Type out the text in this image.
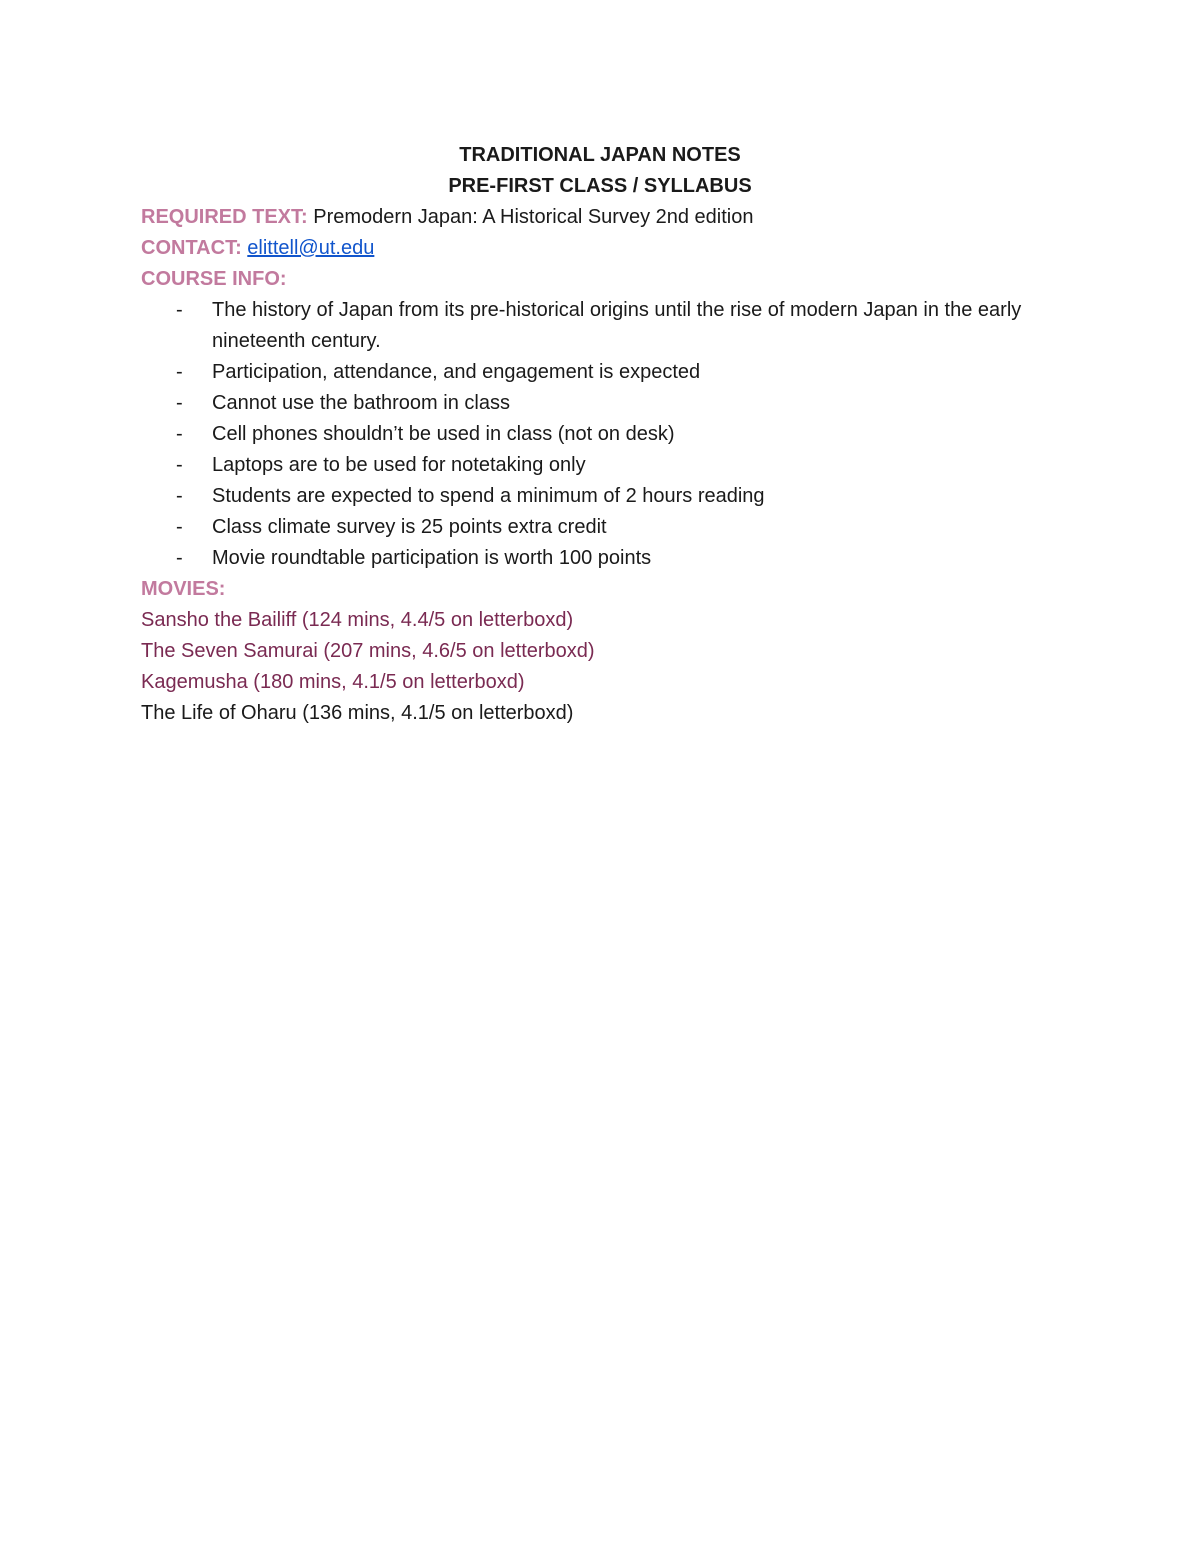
TRADITIONAL JAPAN NOTES
PRE-FIRST CLASS / SYLLABUS
REQUIRED TEXT: Premodern Japan: A Historical Survey 2nd edition
CONTACT: elittell@ut.edu
COURSE INFO:
- The history of Japan from its pre-historical origins until the rise of modern Japan in the early nineteenth century.
- Participation, attendance, and engagement is expected
- Cannot use the bathroom in class
- Cell phones shouldn’t be used in class (not on desk)
- Laptops are to be used for notetaking only
- Students are expected to spend a minimum of 2 hours reading
- Class climate survey is 25 points extra credit
- Movie roundtable participation is worth 100 points
MOVIES:
Sansho the Bailiff (124 mins, 4.4/5 on letterboxd)
The Seven Samurai (207 mins, 4.6/5 on letterboxd)
Kagemusha (180 mins, 4.1/5 on letterboxd)
The Life of Oharu (136 mins, 4.1/5 on letterboxd)
